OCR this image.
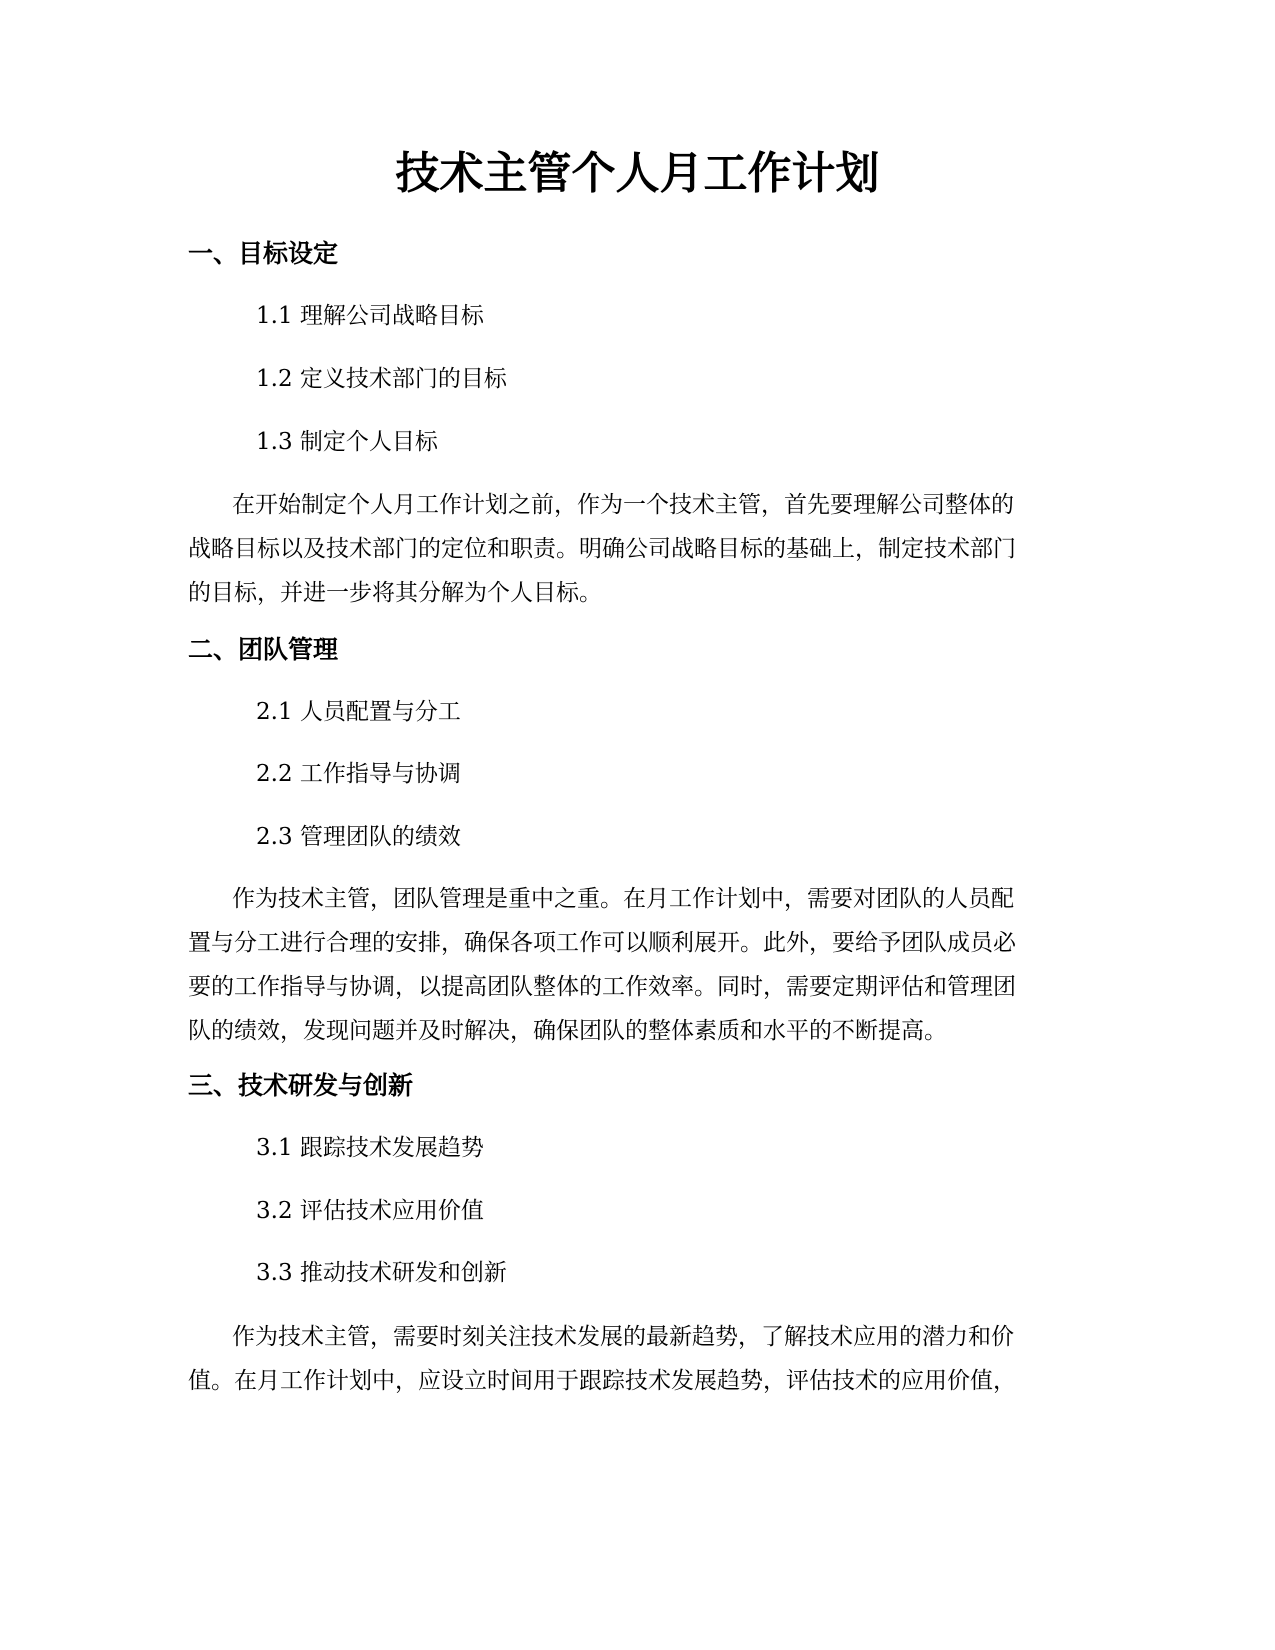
技术主管个人月工作计划
一、目标设定

1.1 理解公司战略目标

1.2 定义技术部门的目标

1.3 制定个人目标

在开始制定个人月工作计划之前，作为一个技术主管，首先要理解公司整体的
战略目标以及技术部门的定位和职责。明确公司战略目标的基础上，制定技术部门
的目标，并进一步将其分解为个人目标。
二、团队管理

2.1 人员配置与分工

2.2 工作指导与协调

2.3 管理团队的绩效

作为技术主管，团队管理是重中之重。在月工作计划中，需要对团队的人员配
置与分工进行合理的安排，确保各项工作可以顺利展开。此外，要给予团队成员必
要的工作指导与协调，以提高团队整体的工作效率。同时，需要定期评估和管理团
队的绩效，发现问题并及时解决，确保团队的整体素质和水平的不断提高。
三、技术研发与创新

3.1 跟踪技术发展趋势

3.2 评估技术应用价值

3.3 推动技术研发和创新

作为技术主管，需要时刻关注技术发展的最新趋势，了解技术应用的潜力和价
值。在月工作计划中，应设立时间用于跟踪技术发展趋势，评估技术的应用价值，
